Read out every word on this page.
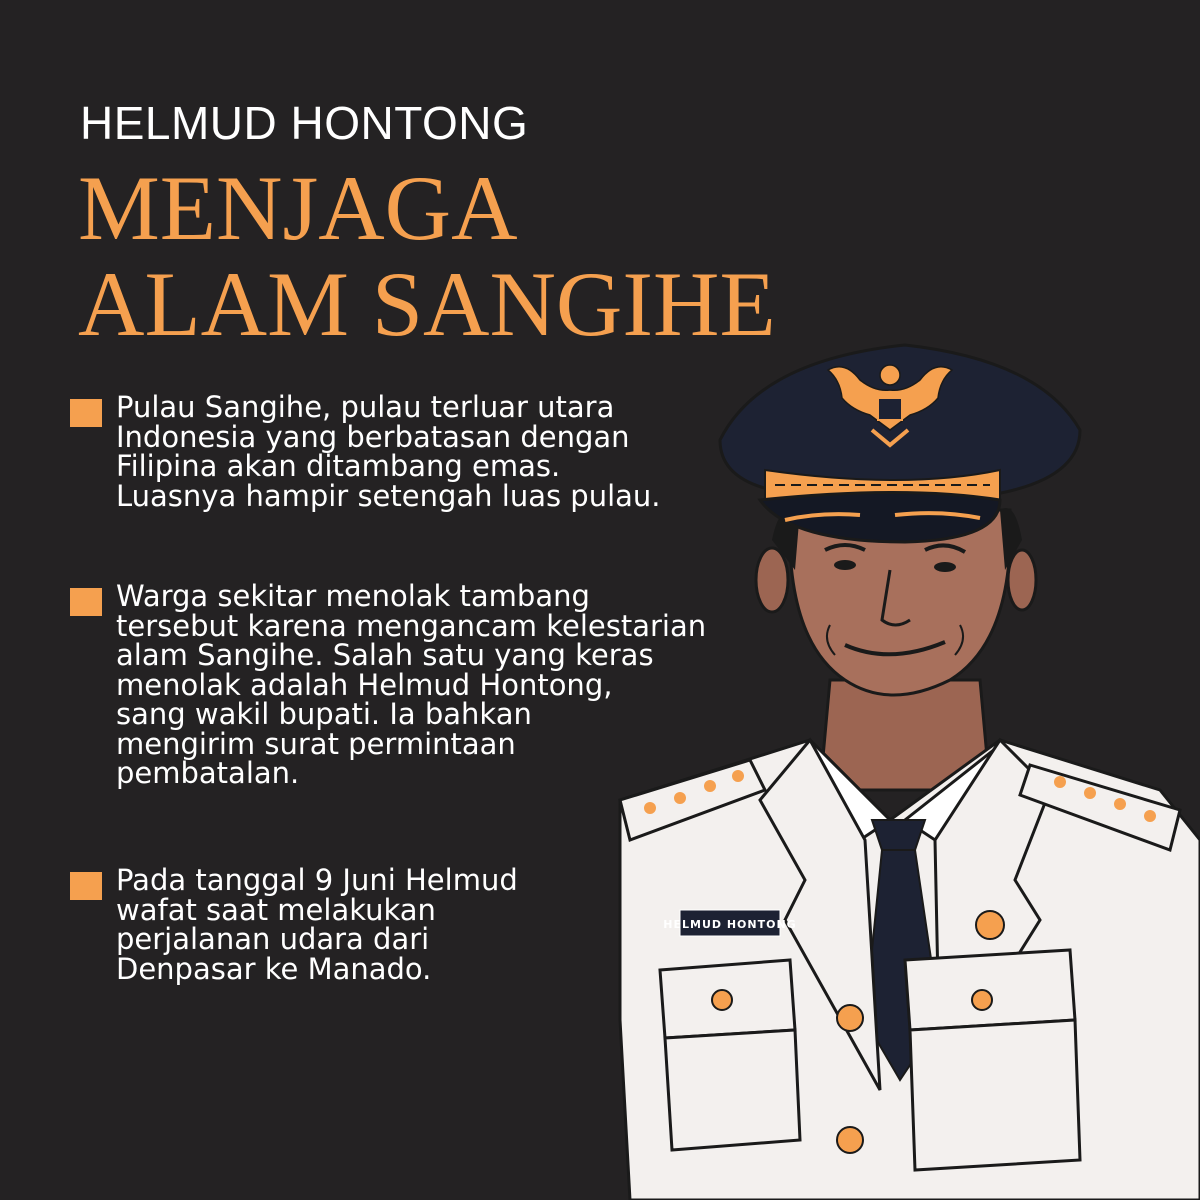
HELMUD HONTONG
MENJAGA ALAM SANGIHE
Pulau Sangihe, pulau terluar utara
Indonesia yang berbatasan dengan
Filipina akan ditambang emas.
Luasnya hampir setengah luas pulau.
Warga sekitar menolak tambang
tersebut karena mengancam kelestarian
alam Sangihe. Salah satu yang keras
menolak adalah Helmud Hontong,
sang wakil bupati. Ia bahkan
mengirim surat permintaan
pembatalan.
Pada tanggal 9 Juni Helmud
wafat saat melakukan
perjalanan udara dari
Denpasar ke Manado.
HELMUD HONTONG
